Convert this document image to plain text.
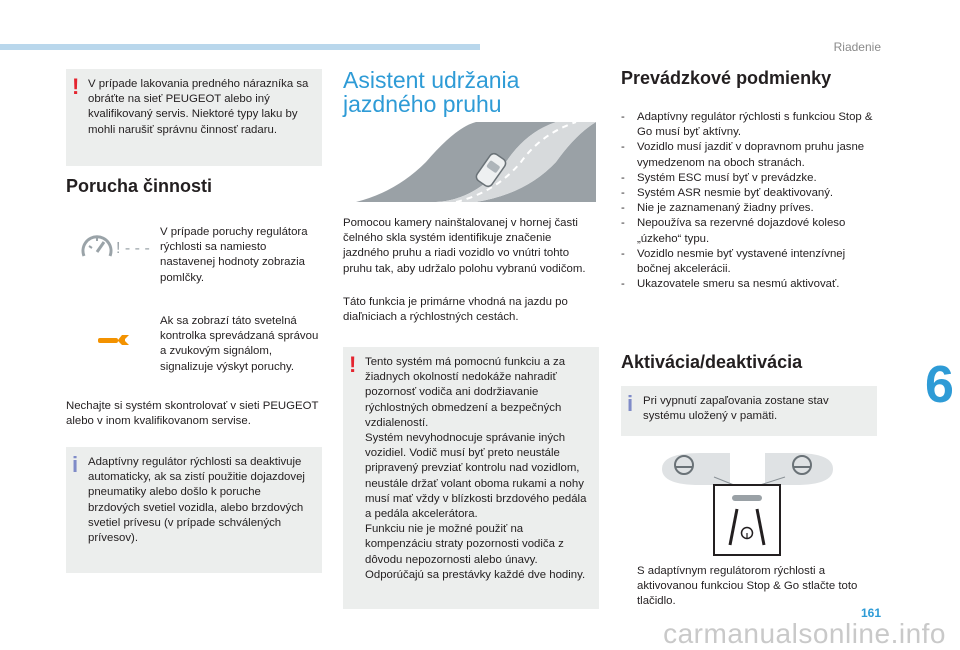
Riadenie
6
161
carmanualsonline.info
! V prípade lakovania predného nárazníka sa obráťte na sieť PEUGEOT alebo iný kvalifikovaný servis. Niektoré typy laku by mohli narušiť správnu činnosť radaru.
Porucha činnosti
! - - -
V prípade poruchy regulátora rýchlosti sa namiesto nastavenej hodnoty zobrazia pomlčky.
Ak sa zobrazí táto svetelná kontrolka sprevádzaná správou a zvukovým signálom, signalizuje výskyt poruchy.
Nechajte si systém skontrolovať v sieti PEUGEOT alebo v inom kvalifikovanom servise.
i Adaptívny regulátor rýchlosti sa deaktivuje automaticky, ak sa zistí použitie dojazdovej pneumatiky alebo došlo k poruche brzdových svetiel vozidla, alebo brzdových svetiel prívesu (v prípade schválených prívesov).
Asistent udržania jazdného pruhu
Pomocou kamery nainštalovanej v hornej časti čelného skla systém identifikuje značenie jazdného pruhu a riadi vozidlo vo vnútri tohto pruhu tak, aby udržalo polohu vybranú vodičom.
Táto funkcia je primárne vhodná na jazdu po diaľniciach a rýchlostných cestách.
! Tento systém má pomocnú funkciu a za žiadnych okolností nedokáže nahradiť pozornosť vodiča ani dodržiavanie rýchlostných obmedzení a bezpečných vzdialeností.
Systém nevyhodnocuje správanie iných vozidiel. Vodič musí byť preto neustále pripravený prevziať kontrolu nad vozidlom, neustále držať volant oboma rukami a nohy musí mať vždy v blízkosti brzdového pedála a pedála akcelerátora.
Funkciu nie je možné použiť na kompenzáciu straty pozornosti vodiča z dôvodu nepozornosti alebo únavy.
Odporúčajú sa prestávky každé dve hodiny.
Prevádzkové podmienky
- Adaptívny regulátor rýchlosti s funkciou Stop & Go musí byť aktívny.
- Vozidlo musí jazdiť v dopravnom pruhu jasne vymedzenom na oboch stranách.
- Systém ESC musí byť v prevádzke.
- Systém ASR nesmie byť deaktivovaný.
- Nie je zaznamenaný žiadny príves.
- Nepoužíva sa rezervné dojazdové koleso „úzkeho“ typu.
- Vozidlo nesmie byť vystavené intenzívnej bočnej akcelerácii.
- Ukazovatele smeru sa nesmú aktivovať.
Aktivácia/deaktivácia
i Pri vypnutí zapaľovania zostane stav systému uložený v pamäti.
S adaptívnym regulátorom rýchlosti a aktivovanou funkciou Stop & Go stlačte toto tlačidlo.
